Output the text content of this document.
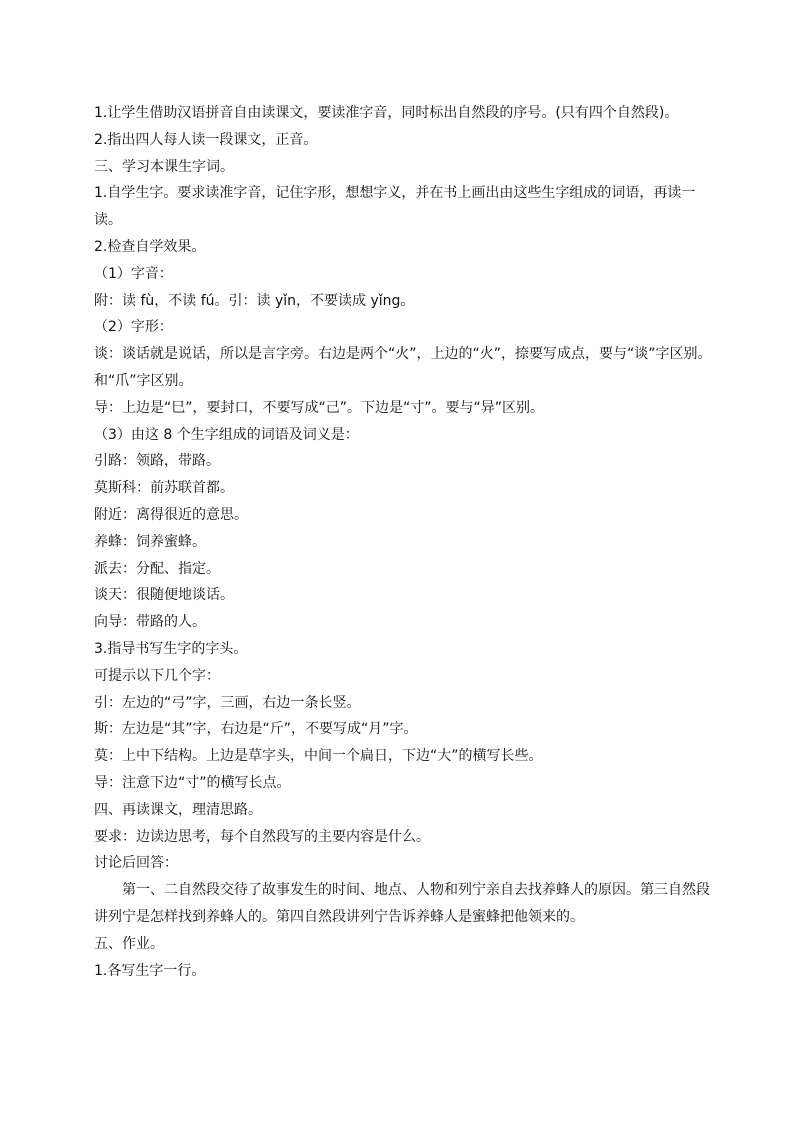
1.让学生借助汉语拼音自由读课文，要读准字音，同时标出自然段的序号。(只有四个自然段)。

2.指出四人每人读一段课文，正音。

三、学习本课生字词。

1.自学生字。要求读准字音，记住字形，想想字义，并在书上画出由这些生字组成的词语，再读一读。

2.检查自学效果。

（1）字音：

附：读 fù，不读 fú。引：读 yǐn，不要读成 yǐng。

（2）字形：

谈：谈话就是说话，所以是言字旁。右边是两个“火”，上边的“火”，捺要写成点，要与“谈”字区别。

和“爪”字区别。

导：上边是“巳”，要封口，不要写成“己”。下边是“寸”。要与“异”区别。

（3）由这 8 个生字组成的词语及词义是：

引路：领路，带路。

莫斯科：前苏联首都。

附近：离得很近的意思。

养蜂：饲养蜜蜂。

派去：分配、指定。

谈天：很随便地谈话。

向导：带路的人。

3.指导书写生字的字头。

可提示以下几个字：

引：左边的“弓”字，三画，右边一条长竖。

斯：左边是“其”字，右边是“斤”，不要写成“月”字。

莫：上中下结构。上边是草字头，中间一个扁日，下边“大”的横写长些。

导：注意下边“寸”的横写长点。

四、再读课文，理清思路。

要求：边读边思考，每个自然段写的主要内容是什么。

讨论后回答：

第一、二自然段交待了故事发生的时间、地点、人物和列宁亲自去找养蜂人的原因。第三自然段讲列宁是怎样找到养蜂人的。第四自然段讲列宁告诉养蜂人是蜜蜂把他领来的。

五、作业。

1.各写生字一行。
